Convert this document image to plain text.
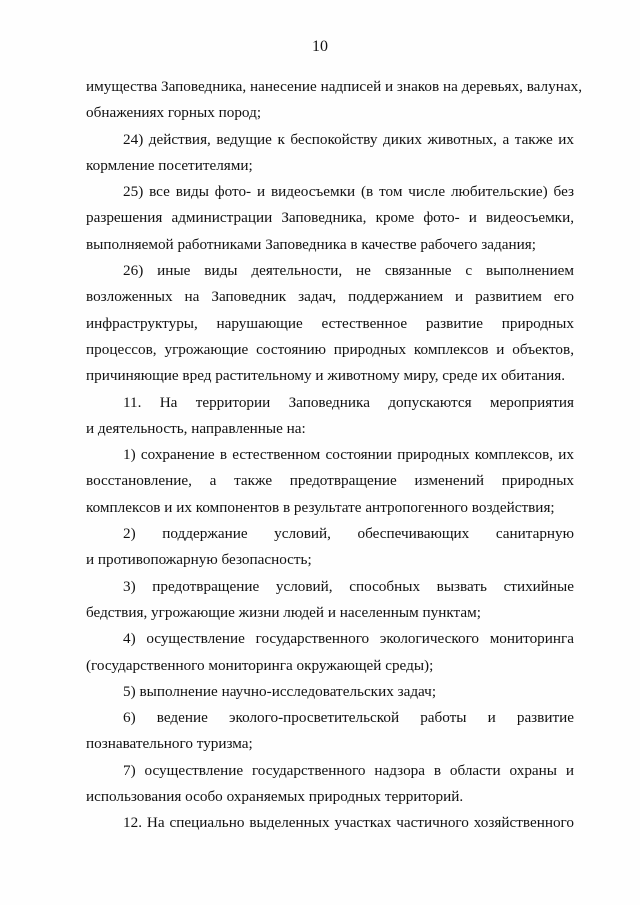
10
имущества Заповедника, нанесение надписей и знаков на деревьях, валунах,
обнажениях горных пород;
24) действия, ведущие к беспокойству диких животных, а также их
кормление посетителями;
25) все виды фото- и видеосъемки (в том числе любительские) без
разрешения администрации Заповедника, кроме фото- и видеосъемки,
выполняемой работниками Заповедника в качестве рабочего задания;
26) иные виды деятельности, не связанные с выполнением
возложенных на Заповедник задач, поддержанием и развитием его
инфраструктуры, нарушающие естественное развитие природных
процессов, угрожающие состоянию природных комплексов и объектов,
причиняющие вред растительному и животному миру, среде их обитания.
11. На территории Заповедника допускаются мероприятия
и деятельность, направленные на:
1) сохранение в естественном состоянии природных комплексов, их
восстановление, а также предотвращение изменений природных
комплексов и их компонентов в результате антропогенного воздействия;
2) поддержание условий, обеспечивающих санитарную
и противопожарную безопасность;
3) предотвращение условий, способных вызвать стихийные
бедствия, угрожающие жизни людей и населенным пунктам;
4) осуществление государственного экологического мониторинга
(государственного мониторинга окружающей среды);
5) выполнение научно-исследовательских задач;
6) ведение эколого-просветительской работы и развитие
познавательного туризма;
7) осуществление государственного надзора в области охраны и
использования особо охраняемых природных территорий.
12. На специально выделенных участках частичного хозяйственного
